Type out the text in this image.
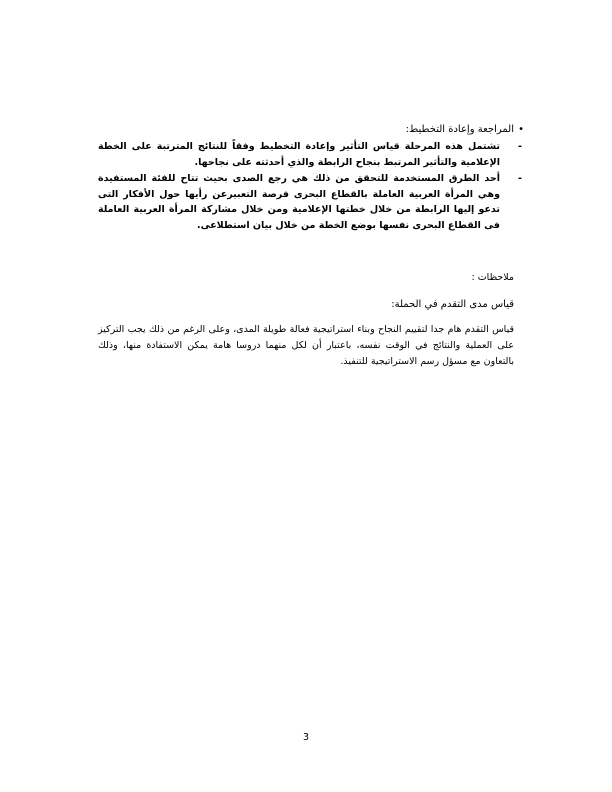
•
المراجعة وإعادة التخطيط:
-
تشتمل هذه المرحلة قياس التأثير وإعادة التخطيط وفقاً للنتائج المترتبة على الخطة الإعلامية والتأثير المرتبط بنجاح الرابطة والذي أحدثته على نجاحها.
-
أحد الطرق المستخدمة للتحقق من ذلك هي رجع الصدى بحيث تتاح للفئة المستفيدة وهي المرأة العربية العاملة بالقطاع البحرى فرصة التعبيرعن رأيها حول الأفكار التى تدعو إليها الرابطة من خلال خطتها الإعلامية ومن خلال مشاركة المرأة العربية العاملة فى القطاع البحرى نفسها بوضع الخطة من خلال بيان استطلاعى.
ملاحظات :
قياس مدى التقدم في الحملة:
قياس التقدم هام جدا لتقييم النجاح وبناء استراتيجية فعالة طويلة المدى، وعلى الرغم من ذلك يجب التركيز على العملية والنتائج في الوقت نفسه، باعتبار أن لكل منهما دروسا هامة يمكن الاستفادة منها، وذلك بالتعاون مع مسؤل رسم الاستراتيجية للتنفيذ.
3
